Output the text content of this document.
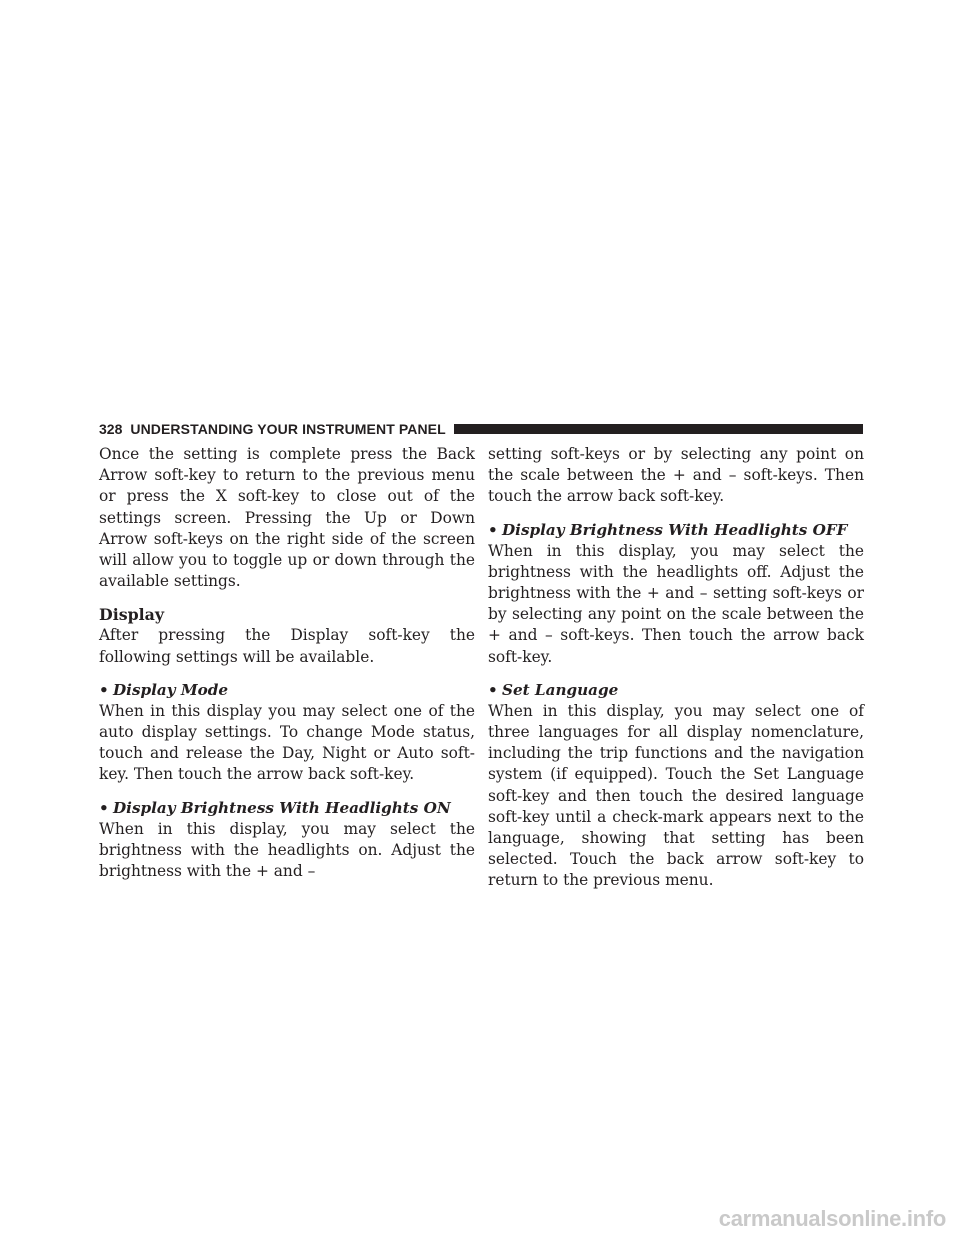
328 UNDERSTANDING YOUR INSTRUMENT PANEL

Once the setting is complete press the Back Arrow soft-key to return to the previous menu or press the X soft-key to close out of the settings screen. Pressing the Up or Down Arrow soft-keys on the right side of the screen will allow you to toggle up or down through the available settings.

Display

After pressing the Display soft-key the following settings will be available.

• Display Mode

When in this display you may select one of the auto display settings. To change Mode status, touch and release the Day, Night or Auto soft-key. Then touch the arrow back soft-key.

• Display Brightness With Headlights ON

When in this display, you may select the brightness with the headlights on. Adjust the brightness with the + and –

setting soft-keys or by selecting any point on the scale between the + and – soft-keys. Then touch the arrow back soft-key.

• Display Brightness With Headlights OFF

When in this display, you may select the brightness with the headlights off. Adjust the brightness with the + and – setting soft-keys or by selecting any point on the scale between the + and – soft-keys. Then touch the arrow back soft-key.

• Set Language

When in this display, you may select one of three languages for all display nomenclature, including the trip functions and the navigation system (if equipped). Touch the Set Language soft-key and then touch the desired language soft-key until a check-mark appears next to the language, showing that setting has been selected. Touch the back arrow soft-key to return to the previous menu.

carmanualsonline.info
